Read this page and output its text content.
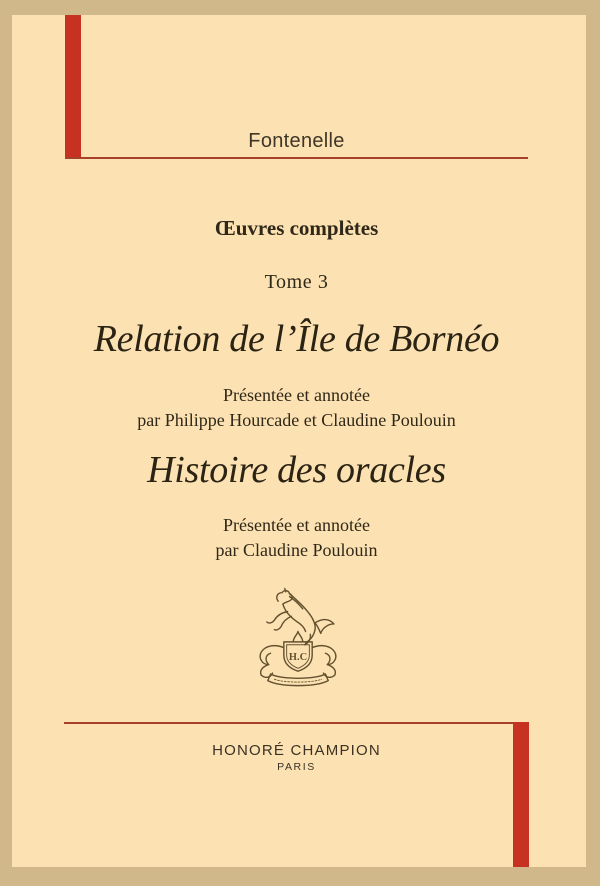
Fontenelle
Œuvres complètes
Tome 3
Relation de l’Île de Bornéo
Présentée et annotée
par Philippe Hourcade et Claudine Poulouin
Histoire des oracles
Présentée et annotée
par Claudine Poulouin
H.C
HONORÉ CHAMPION
PARIS
